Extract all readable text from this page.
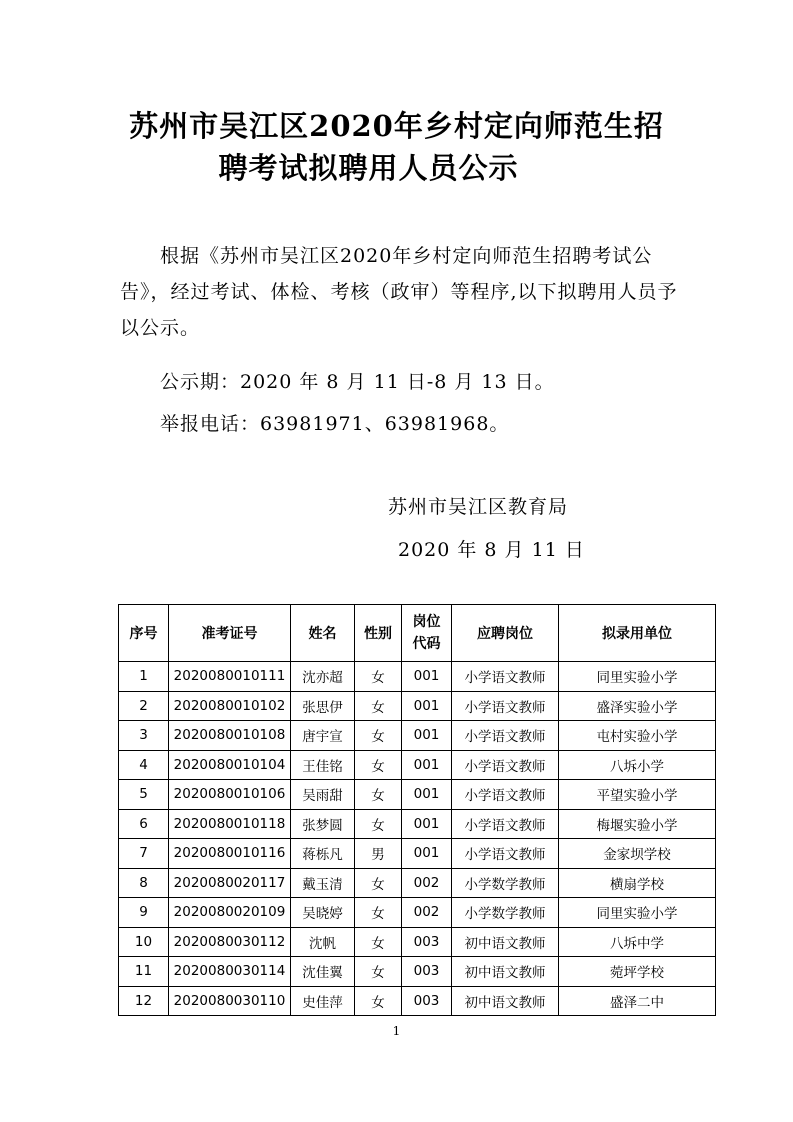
苏州市吴江区2020年乡村定向师范生招
聘考试拟聘用人员公示

根据《苏州市吴江区2020年乡村定向师范生招聘考试公告》，经过考试、体检、考核（政审）等程序,以下拟聘用人员予以公示。

公示期：2020 年 8 月 11 日-8 月 13 日。

举报电话：63981971、63981968。

苏州市吴江区教育局
2020 年 8 月 11 日
序号	准考证号	姓名	性别	岗位代码	应聘岗位	拟录用单位
1	2020080010111	沈亦超	女	001	小学语文教师	同里实验小学
2	2020080010102	张思伊	女	001	小学语文教师	盛泽实验小学
3	2020080010108	唐宇宣	女	001	小学语文教师	屯村实验小学
4	2020080010104	王佳铭	女	001	小学语文教师	八坼小学
5	2020080010106	吴雨甜	女	001	小学语文教师	平望实验小学
6	2020080010118	张梦圆	女	001	小学语文教师	梅堰实验小学
7	2020080010116	蒋栎凡	男	001	小学语文教师	金家坝学校
8	2020080020117	戴玉清	女	002	小学数学教师	横扇学校
9	2020080020109	吴晓婷	女	002	小学数学教师	同里实验小学
10	2020080030112	沈帆	女	003	初中语文教师	八坼中学
11	2020080030114	沈佳翼	女	003	初中语文教师	菀坪学校
12	2020080030110	史佳萍	女	003	初中语文教师	盛泽二中
1
